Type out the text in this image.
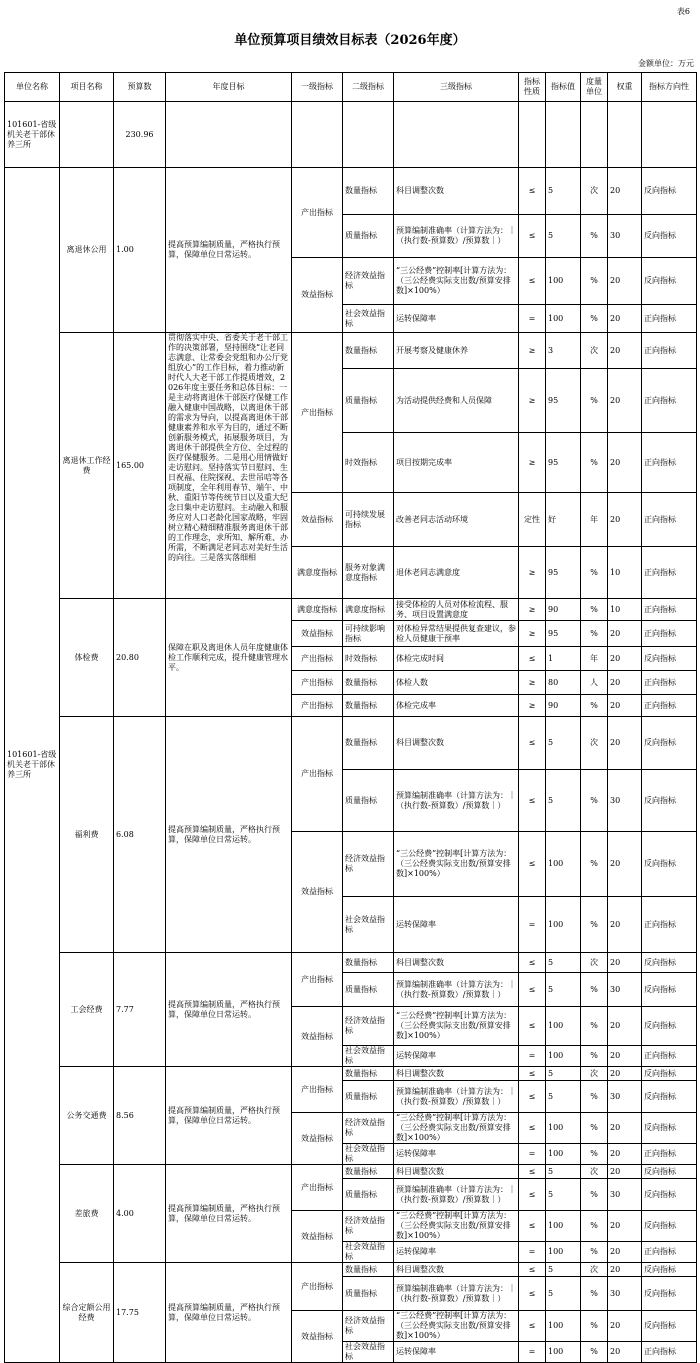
表6
单位预算项目绩效目标表（2026年度）
金额单位：万元
单位名称	项目名称	预算数	年度目标	一级指标	二级指标	三级指标	指标性质	指标值	度量单位	权重	指标方向性
101601-省级机关老干部休养三所		230.96									
101601-省级机关老干部休养三所	离退休公用	1.00	提高预算编制质量，严格执行预算，保障单位日常运转。	产出指标	数量指标	科目调整次数	≤	5	次	20	反向指标
					质量指标	预算编制准确率（计算方法为：｜（执行数-预算数）/预算数｜）	≤	5	%	30	反向指标
				效益指标	经济效益指标	“三公经费”控制率[计算方法为：（三公经费实际支出数/预算安排数]×100%）	≤	100	%	20	反向指标
					社会效益指标	运转保障率	=	100	%	20	正向指标
	离退休工作经费	165.00	贯彻落实中央、省委关于老干部工作的决策部署，坚持围绕“让老同志满意、让常委会党组和办公厅党组放心”的工作目标，着力推动新时代人大老干部工作提质增效，2026年度主要任务和总体目标：一是主动将离退休干部医疗保健工作融入健康中国战略，以离退休干部的需求为导向，以提高离退休干部健康素养和水平为目的，通过不断创新服务模式，拓展服务项目，为离退休干部提供全方位、全过程的医疗保健服务。二是用心用情做好走访慰问。坚持落实节日慰问、生日祝福、住院探视、去世吊唁等各项制度，全年利用春节、端午、中秋、重阳节等传统节日以及重大纪念日集中走访慰问。主动融入和服务应对人口老龄化国家战略，牢固树立精心精细精准服务离退休干部的工作理念，求所知、解所难、办所需，不断满足老同志对美好生活的向往。三是落实落细相	产出指标	数量指标	开展考察及健康休养	≥	3	次	20	正向指标
					质量指标	为活动提供经费和人员保障	≥	95	%	20	正向指标
					时效指标	项目按期完成率	≥	95	%	20	正向指标
				效益指标	可持续发展指标	改善老同志活动环境	定性	好	年	20	正向指标
				满意度指标	服务对象满意度指标	退休老同志满意度	≥	95	%	10	正向指标
	体检费	20.80	保障在职及离退休人员年度健康体检工作顺利完成，提升健康管理水平。	满意度指标	满意度指标	接受体检的人员对体检流程、服务、项目设置满意度	≥	90	%	10	正向指标
				效益指标	可持续影响指标	对体检异常结果提供复查建议，参检人员健康干预率	≥	95	%	20	正向指标
				产出指标	时效指标	体检完成时间	≤	1	年	20	反向指标
				产出指标	数量指标	体检人数	≥	80	人	20	正向指标
				产出指标	数量指标	体检完成率	≥	90	%	20	正向指标
	福利费	6.08	提高预算编制质量，严格执行预算，保障单位日常运转。	产出指标	数量指标	科目调整次数	≤	5	次	20	反向指标
					质量指标	预算编制准确率（计算方法为：｜（执行数-预算数）/预算数｜）	≤	5	%	30	反向指标
				效益指标	经济效益指标	“三公经费”控制率[计算方法为：（三公经费实际支出数/预算安排数]×100%）	≤	100	%	20	反向指标
					社会效益指标	运转保障率	=	100	%	20	正向指标
	工会经费	7.77	提高预算编制质量，严格执行预算，保障单位日常运转。	产出指标	数量指标	科目调整次数	≤	5	次	20	反向指标
					质量指标	预算编制准确率（计算方法为：｜（执行数-预算数）/预算数｜）	≤	5	%	30	反向指标
				效益指标	经济效益指标	“三公经费”控制率[计算方法为：（三公经费实际支出数/预算安排数]×100%）	≤	100	%	20	反向指标
					社会效益指标	运转保障率	=	100	%	20	正向指标
	公务交通费	8.56	提高预算编制质量，严格执行预算，保障单位日常运转。	产出指标	数量指标	科目调整次数	≤	5	次	20	反向指标
					质量指标	预算编制准确率（计算方法为：｜（执行数-预算数）/预算数｜）	≤	5	%	30	反向指标
				效益指标	经济效益指标	“三公经费”控制率[计算方法为：（三公经费实际支出数/预算安排数]×100%）	≤	100	%	20	反向指标
					社会效益指标	运转保障率	=	100	%	20	正向指标
	差旅费	4.00	提高预算编制质量，严格执行预算，保障单位日常运转。	产出指标	数量指标	科目调整次数	≤	5	次	20	反向指标
					质量指标	预算编制准确率（计算方法为：｜（执行数-预算数）/预算数｜）	≤	5	%	30	反向指标
				效益指标	经济效益指标	“三公经费”控制率[计算方法为：（三公经费实际支出数/预算安排数]×100%）	≤	100	%	20	反向指标
					社会效益指标	运转保障率	=	100	%	20	正向指标
	综合定额公用经费	17.75	提高预算编制质量，严格执行预算，保障单位日常运转。	产出指标	数量指标	科目调整次数	≤	5	次	20	反向指标
					质量指标	预算编制准确率（计算方法为：｜（执行数-预算数）/预算数｜）	≤	5	%	30	反向指标
				效益指标	经济效益指标	“三公经费”控制率[计算方法为：（三公经费实际支出数/预算安排数]×100%）	≤	100	%	20	反向指标
					社会效益指标	运转保障率	=	100	%	20	正向指标
